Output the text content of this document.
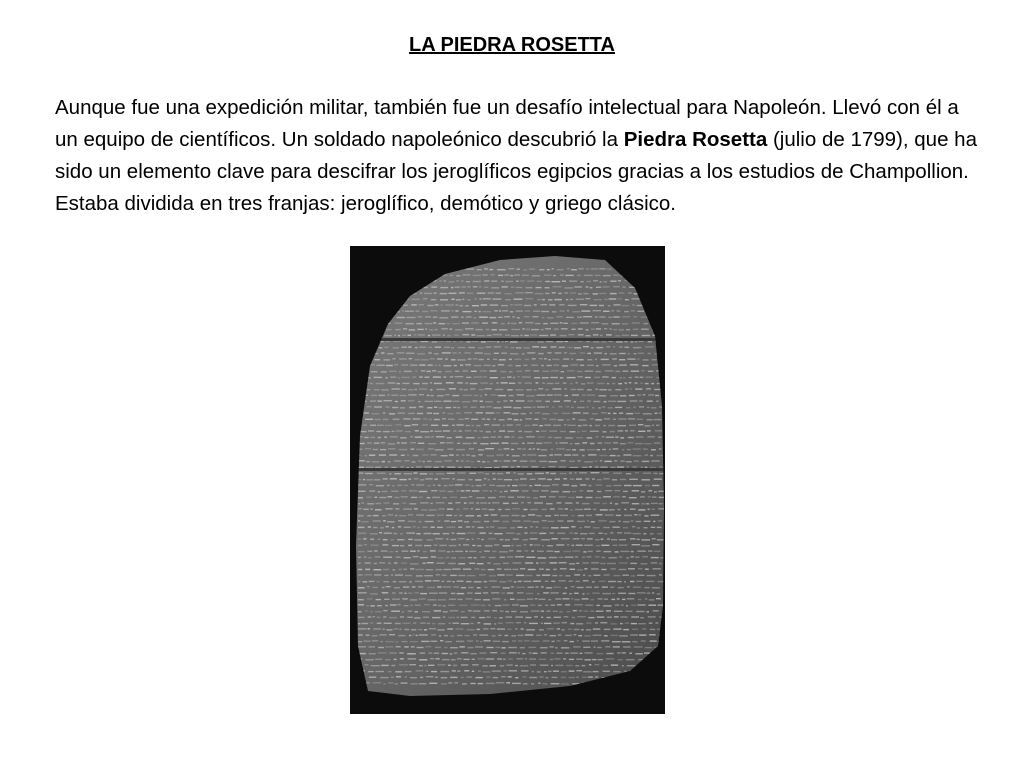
LA PIEDRA ROSETTA
Aunque fue una expedición militar, también fue un desafío intelectual para Napoleón. Llevó con él a un equipo de científicos. Un soldado napoleónico descubrió la Piedra Rosetta (julio de 1799), que ha sido un elemento clave para descifrar los jeroglíficos egipcios gracias a los estudios de Champollion. Estaba dividida en tres franjas: jeroglífico, demótico y griego clásico.
